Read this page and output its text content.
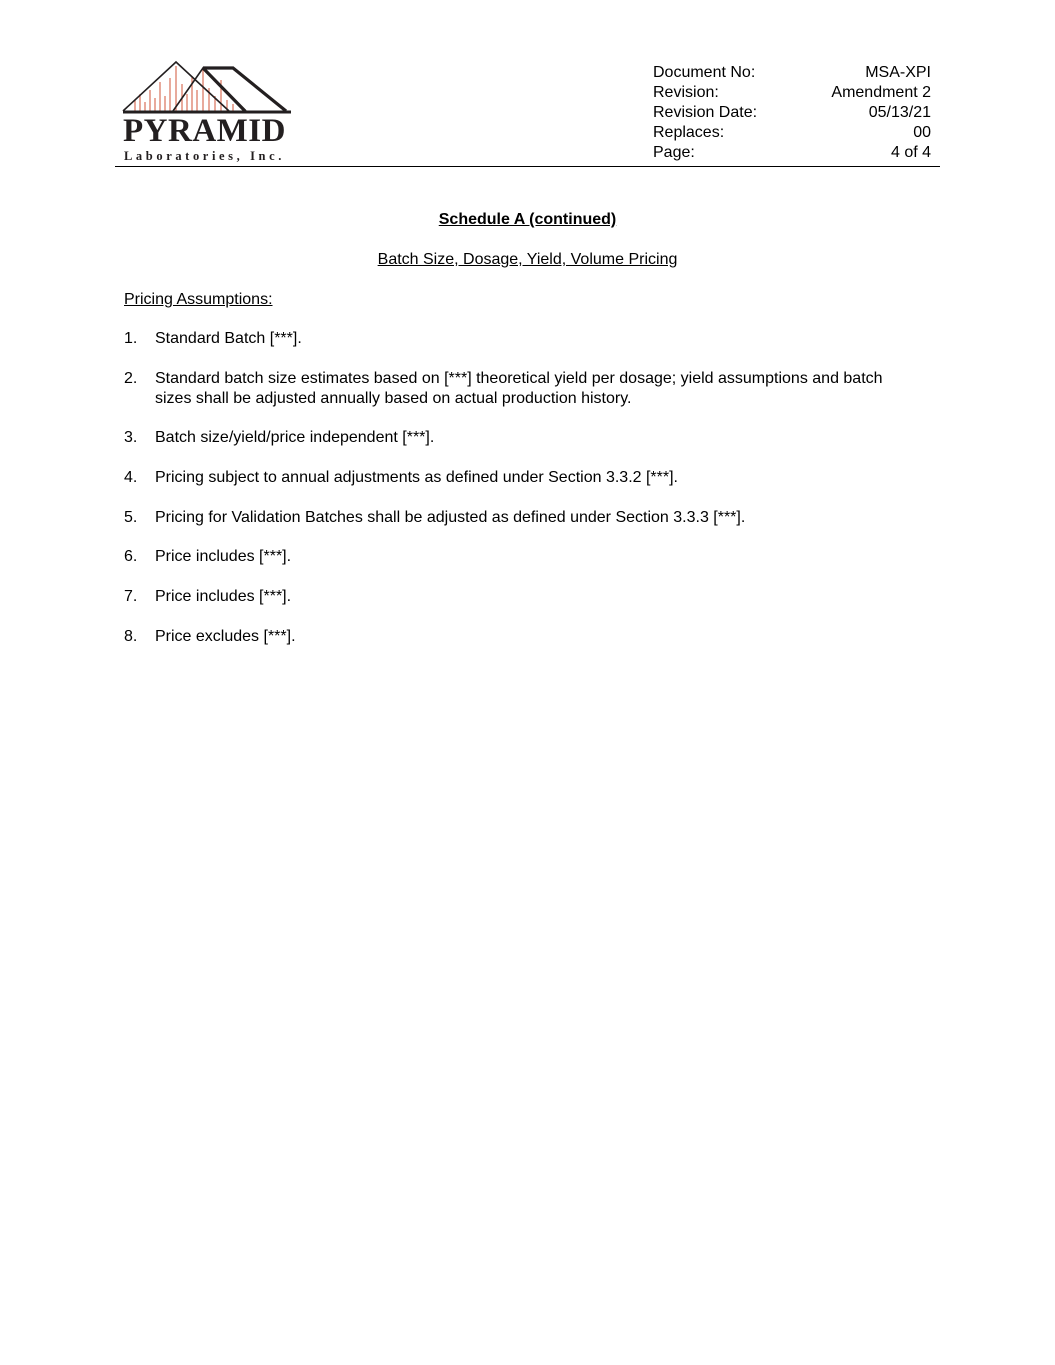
PYRAMID
Laboratories, Inc.
Document No:	MSA-XPI
Revision:	Amendment 2
Revision Date:	05/13/21
Replaces:	00
Page:	4 of 4
Schedule A (continued)
Batch Size, Dosage, Yield, Volume Pricing
Pricing Assumptions:
1. Standard Batch [***].
2. Standard batch size estimates based on [***] theoretical yield per dosage; yield assumptions and batch sizes shall be adjusted annually based on actual production history.
3. Batch size/yield/price independent [***].
4. Pricing subject to annual adjustments as defined under Section 3.3.2 [***].
5. Pricing for Validation Batches shall be adjusted as defined under Section 3.3.3 [***].
6. Price includes [***].
7. Price includes [***].
8. Price excludes [***].
